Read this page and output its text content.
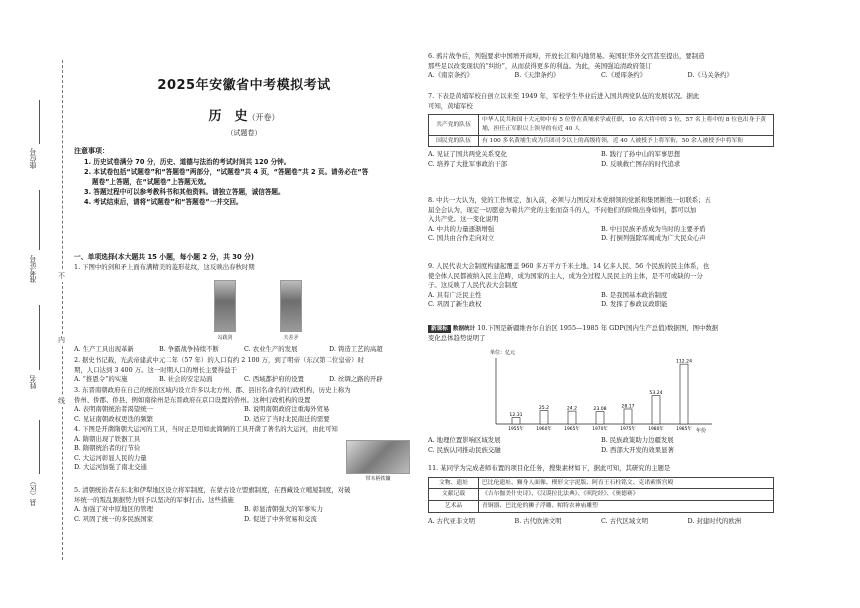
座位号
准考证号
姓名
县（区）
不
内
线
2025年安徽省中考模拟考试
历　史（开卷）
（试题卷）
注意事项：

1. 历史试卷满分 70 分，历史、道德与法治的考试时间共 120 分钟。

2. 本试卷包括“试题卷”和“答题卷”两部分，“试题卷”共 4 页，“答题卷”共 2 页。请务必在“答

题卷”上答题，在“试题卷”上答题无效。

3. 答题过程中可以参考教科书和其他资料。请独立答题，诚信答题。

4. 考试结束后，请将“试题卷”和“答题卷”一并交回。

一、单项选择(本大题共 15 小题，每小题 2 分，共 30 分)
1. 下图中的剑和矛上面布满精美的菱形花纹，这反映出春秋时期
勾践剑	夫差矛
A. 生产工具出现革新	B. 争霸战争持续不断	C. 农业生产的发展	D. 铸造工艺的高超
2. 据史书记载，光武帝建武中元二年（57 年）的人口有约 2 100 万，到了明帝（东汉第二位皇帝）时
期，人口达到 3 400 万。这一时期人口的增长主要得益于
A. “推恩令”的实施	B. 社会的安定局面	C. 西域都护府的设置	D. 丝绸之路的开辟
3. 东晋南朝政府在自己的统治区域内设立许多以北方州、郡、县旧名命名的行政机构，历史上称为
侨州、侨郡、侨县，例如南徐州是东晋政府在京口设置的侨州。这种行政机构的设置
A. 表明南朝统治者渴望统一	B. 说明南朝政府注重海外贸易
C. 见证南朝政权更迭的频繁	D. 适应了当时北民南迁的需要
4. 下图是开凿隋朝大运河的工具，当时正是用如此简陋的工具开凿了著名的大运河，由此可知
A. 隋朝出现了铁器工具
B. 隋朝统治者的行节俭
C. 大运河彰显人民的力量
D. 大运河加强了南北交通
带木柄铁镰
5. 清朝统治者在东北和伊犁地区设立将军制度，在蒙古设立盟旗制度，在西藏设立噶厦制度，对破
坏统一的叛乱割据势力则予以坚决的军事打击。这些措施
A. 加强了对中原地区的管理	B. 彰显清朝强大的军事实力
C. 巩固了统一的多民族国家	D. 促进了中外贸易和交流
6. 鸦片战争后，列强要求中国增开商埠，开放长江和内地贸易。英国驻华外交官甚至提出，要制造
那些足以改变现状的“纠纷”，从而获得更多的利益。为此，英国强迫清政府签订
A.《南京条约》	B.《天津条约》	C.《瑷珲条约》	D.《马关条约》
7. 下表是黄埔军校自创立以来至 1949 年，军校学生毕业后进入国共两党队伍的发展状况。据此
可知，黄埔军校
共产党的队伍	中华人民共和国十大元帅中有 5 位曾在黄埔求学或任职，10 名大将中的 3 位，57 名上将中的 8 位也出身于黄埔，担任正军职以上领导的有近 40 人
国民党的队伍	有 100 多名黄埔生成为兵团司令以上的高级将领，近 40 人被授予上将军衔，50 余人被授予中将军衔
A. 见证了国共两党关系变化	B. 践行了孙中山的军事思想
C. 培养了大批军事政治干部	D. 反映救亡图存的时代追求
8. 中共一大认为，党的工作规定，加入前，必须与力图反对本党纲领的党派和集团断绝一切联系；五
届全会认为，现定一切愿意为着共产党的主张而奋斗的人，不问他们的阶级出身如何，都可以加
入共产党。这一变化说明
A. 中共的力量逐渐增强	B. 中日民族矛盾成为当时的主要矛盾
C. 国共由合作走向对立	D. 打倒列强除军阀成为广大民众心声
9. 人民代表大会制度构建起覆盖 960 多万平方千米土地、14 亿多人民、56 个民族的民主体系，也
使全体人民都被纳入民主范畴，成为国家的主人，成为全过程人民民主的主体，是不可或缺的一分
子。这反映了人民代表大会制度
A. 具有广泛民主性	B. 是我国基本政治制度
C. 巩固了新生政权	D. 发挥了参政议政职能
新课标 数据统计 10.下图是新疆维吾尔自治区 1955—1985 年 GDP(国内生产总值)数据图，图中数据
变化总体趋势说明了
单位：亿元
12.31
1955年
25.2
1960年
24.2
1965年
23.08
1970年
28.17
1975年
53.24
1980年
112.24
1985年 年份
A. 地理位置影响区域发展	B. 民族政策助力边疆发展
C. 民族认同推动民族交融	D. 西部大开发的效果显著
11. 某同学为完成老师布置的项目化任务，搜集素材如下，据此可知，其研究的主题是
文物、遗址	巴比伦遗址、狮身人面像、楔形文字泥版、阿育王石柱铭文、克诺索斯宫殿
文献记载	《吉尔伽美什史诗》、《汉谟拉比法典》、《吠陀经》、《奥德赛》
艺术品	青铜器、巴比伦的狮子浮雕、帕特农神庙雕塑
A. 古代亚非文明	B. 古代欧洲文明	C. 古代区域文明	D. 封建时代的欧洲
